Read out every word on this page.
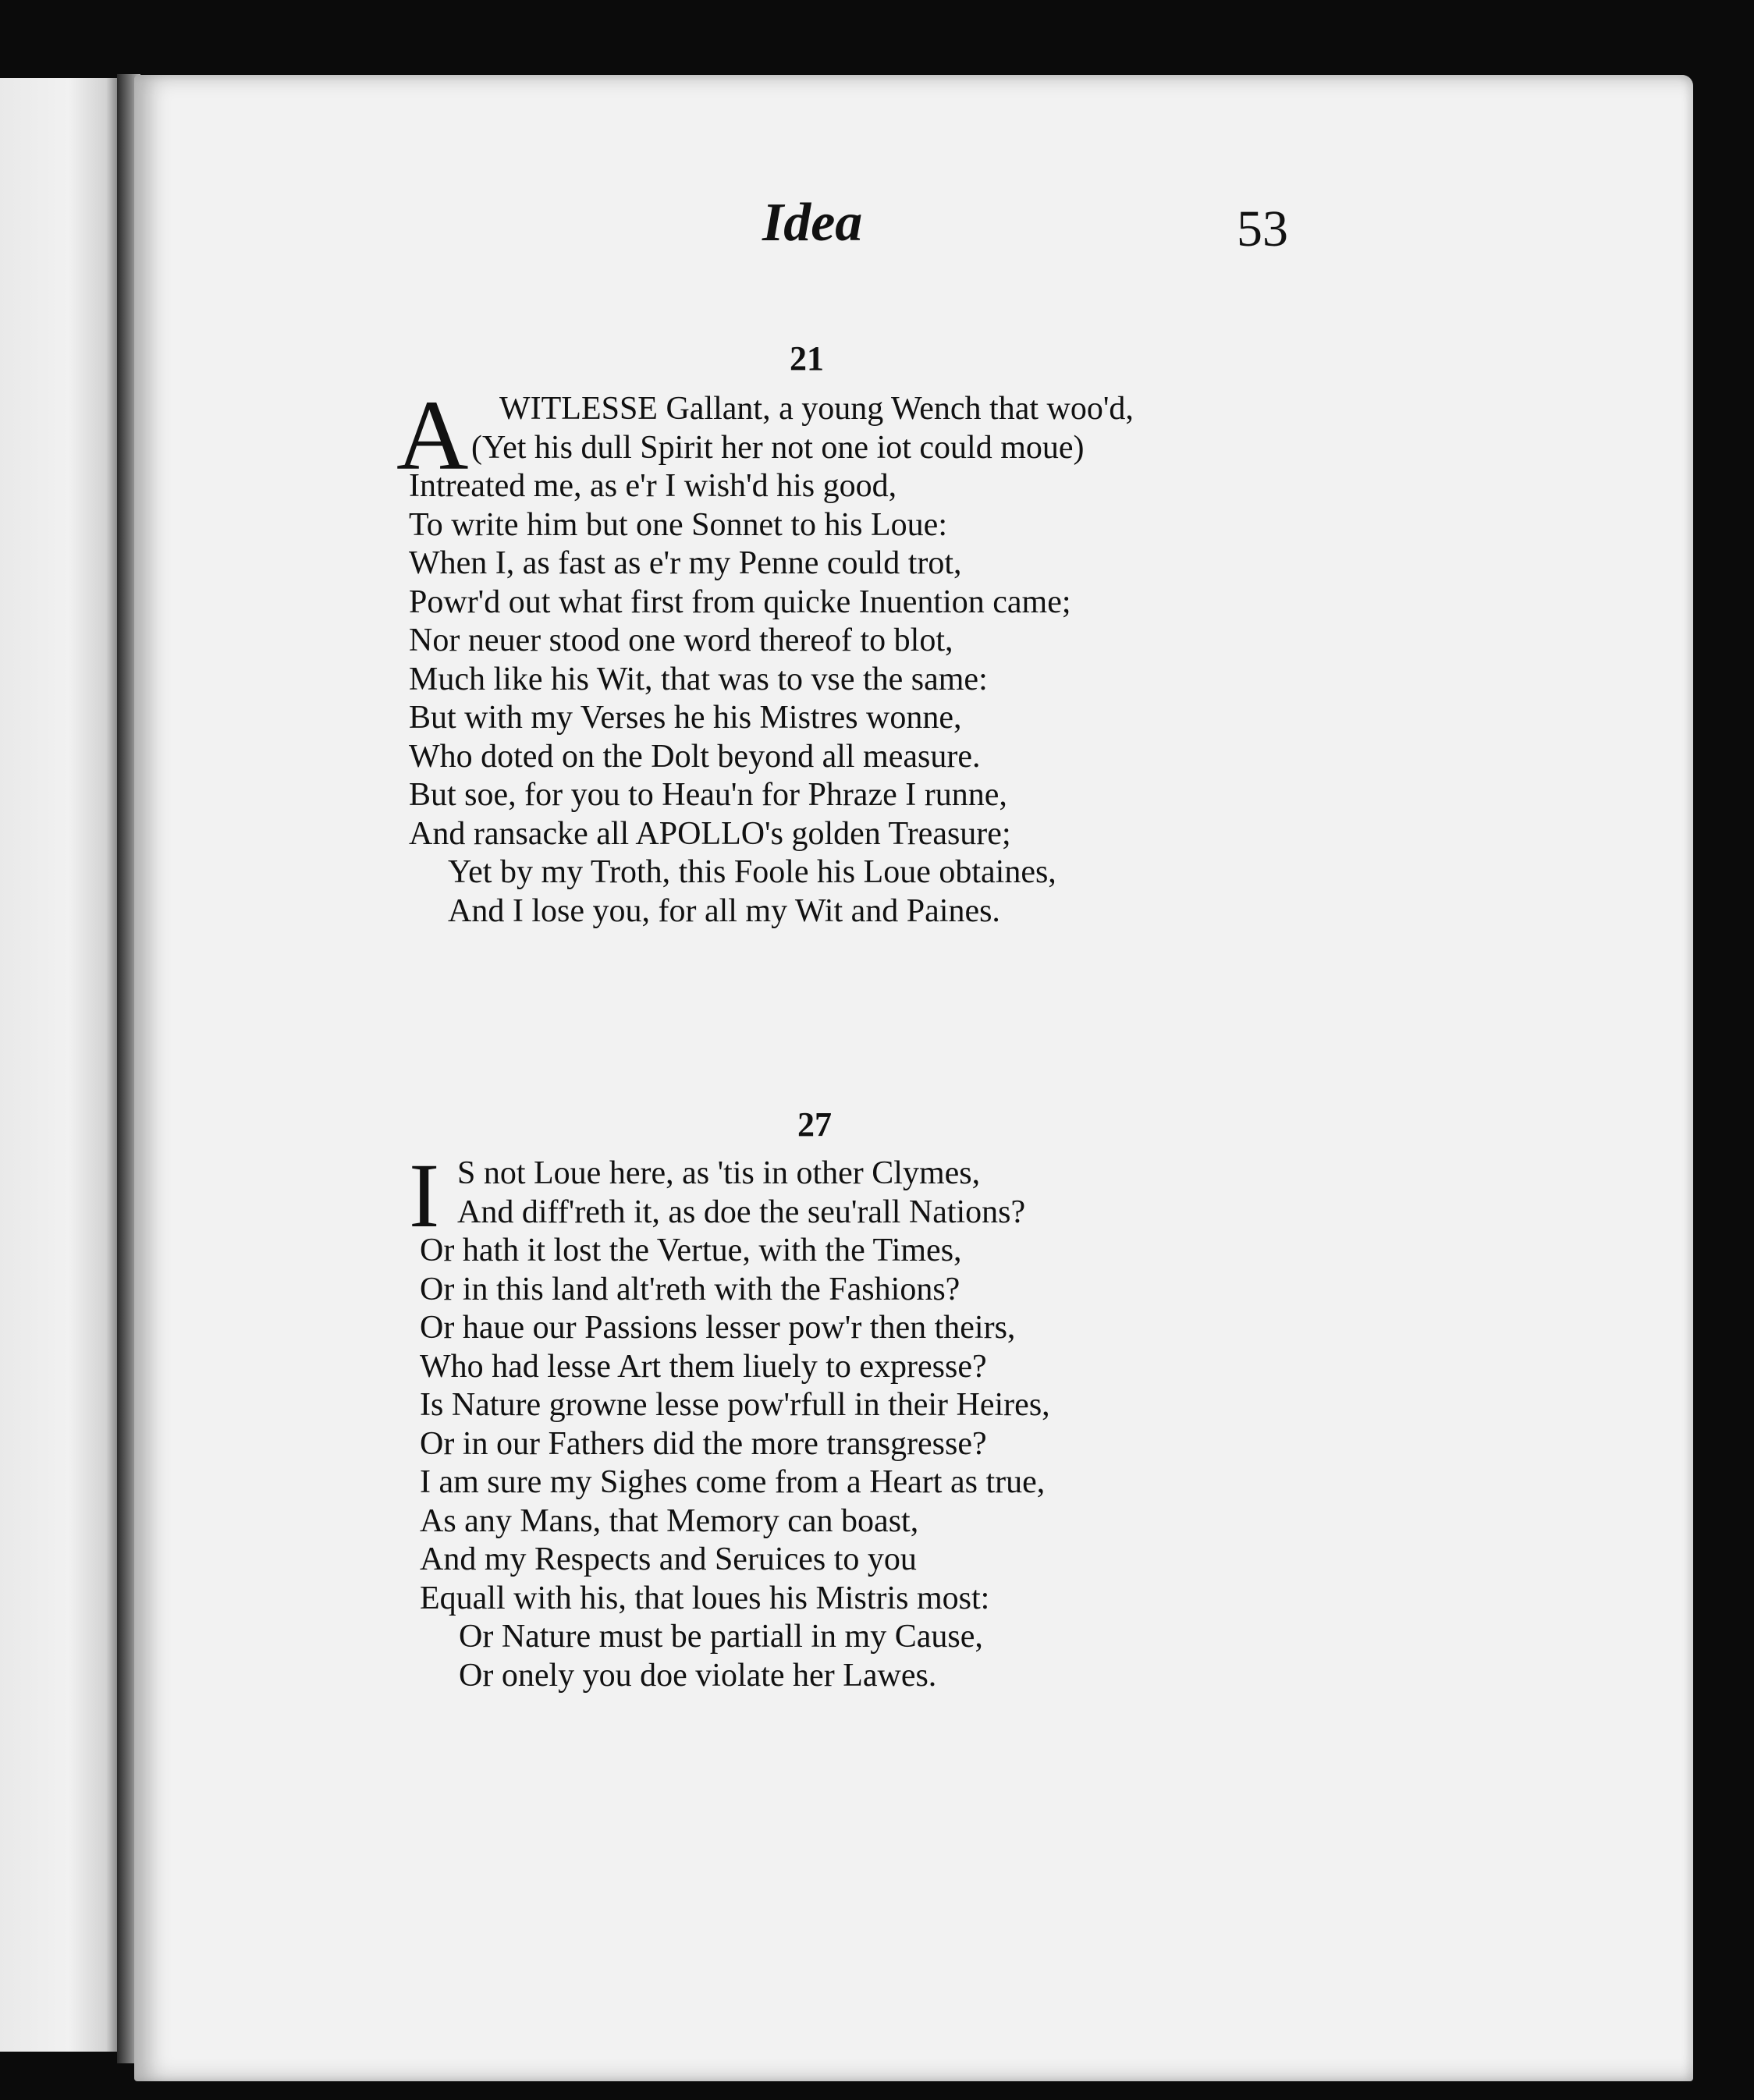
Idea	53
21
A WITLESSE Gallant, a young Wench that woo'd,
(Yet his dull Spirit her not one iot could moue)
Intreated me, as e'r I wish'd his good,
To write him but one Sonnet to his Loue:
When I, as fast as e'r my Penne could trot,
Powr'd out what first from quicke Inuention came;
Nor neuer stood one word thereof to blot,
Much like his Wit, that was to vse the same:
But with my Verses he his Mistres wonne,
Who doted on the Dolt beyond all measure.
But soe, for you to Heau'n for Phraze I runne,
And ransacke all APOLLO's golden Treasure;
Yet by my Troth, this Foole his Loue obtaines,
And I lose you, for all my Wit and Paines.
27
I S not Loue here, as 'tis in other Clymes,
And diff'reth it, as doe the seu'rall Nations?
Or hath it lost the Vertue, with the Times,
Or in this land alt'reth with the Fashions?
Or haue our Passions lesser pow'r then theirs,
Who had lesse Art them liuely to expresse?
Is Nature growne lesse pow'rfull in their Heires,
Or in our Fathers did the more transgresse?
I am sure my Sighes come from a Heart as true,
As any Mans, that Memory can boast,
And my Respects and Seruices to you
Equall with his, that loues his Mistris most:
Or Nature must be partiall in my Cause,
Or onely you doe violate her Lawes.
